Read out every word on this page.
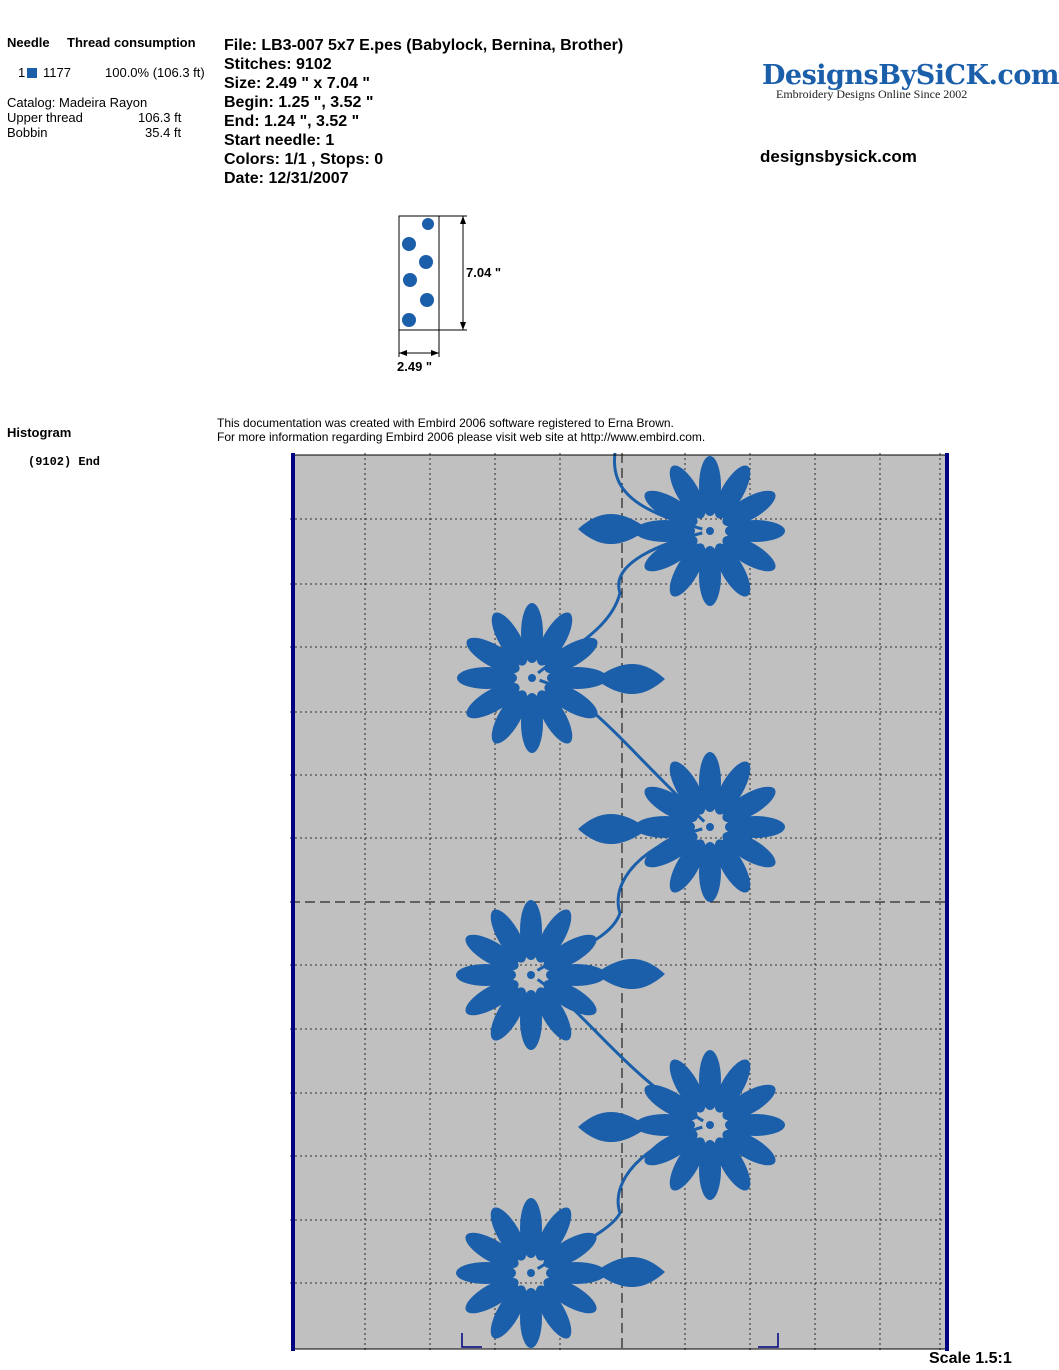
Needle Thread consumption
1	1177	100.0% (106.3 ft)
Catalog: Madeira Rayon
Upper thread	106.3 ft
Bobbin	35.4 ft
Histogram
(9102) End
File: LB3-007 5x7 E.pes (Babylock, Bernina, Brother)
Stitches: 9102
Size: 2.49 " x 7.04 "
Begin: 1.25 ", 3.52 "
End: 1.24 ", 3.52 "
Start needle: 1
Colors: 1/1 , Stops: 0
Date: 12/31/2007
DesignsBySiCK.com
Embroidery Designs Online Since 2002
designsbysick.com
7.04 "
2.49 "
This documentation was created with Embird 2006 software registered to Erna Brown.
For more information regarding Embird 2006 please visit web site at http://www.embird.com.
Scale 1.5:1
